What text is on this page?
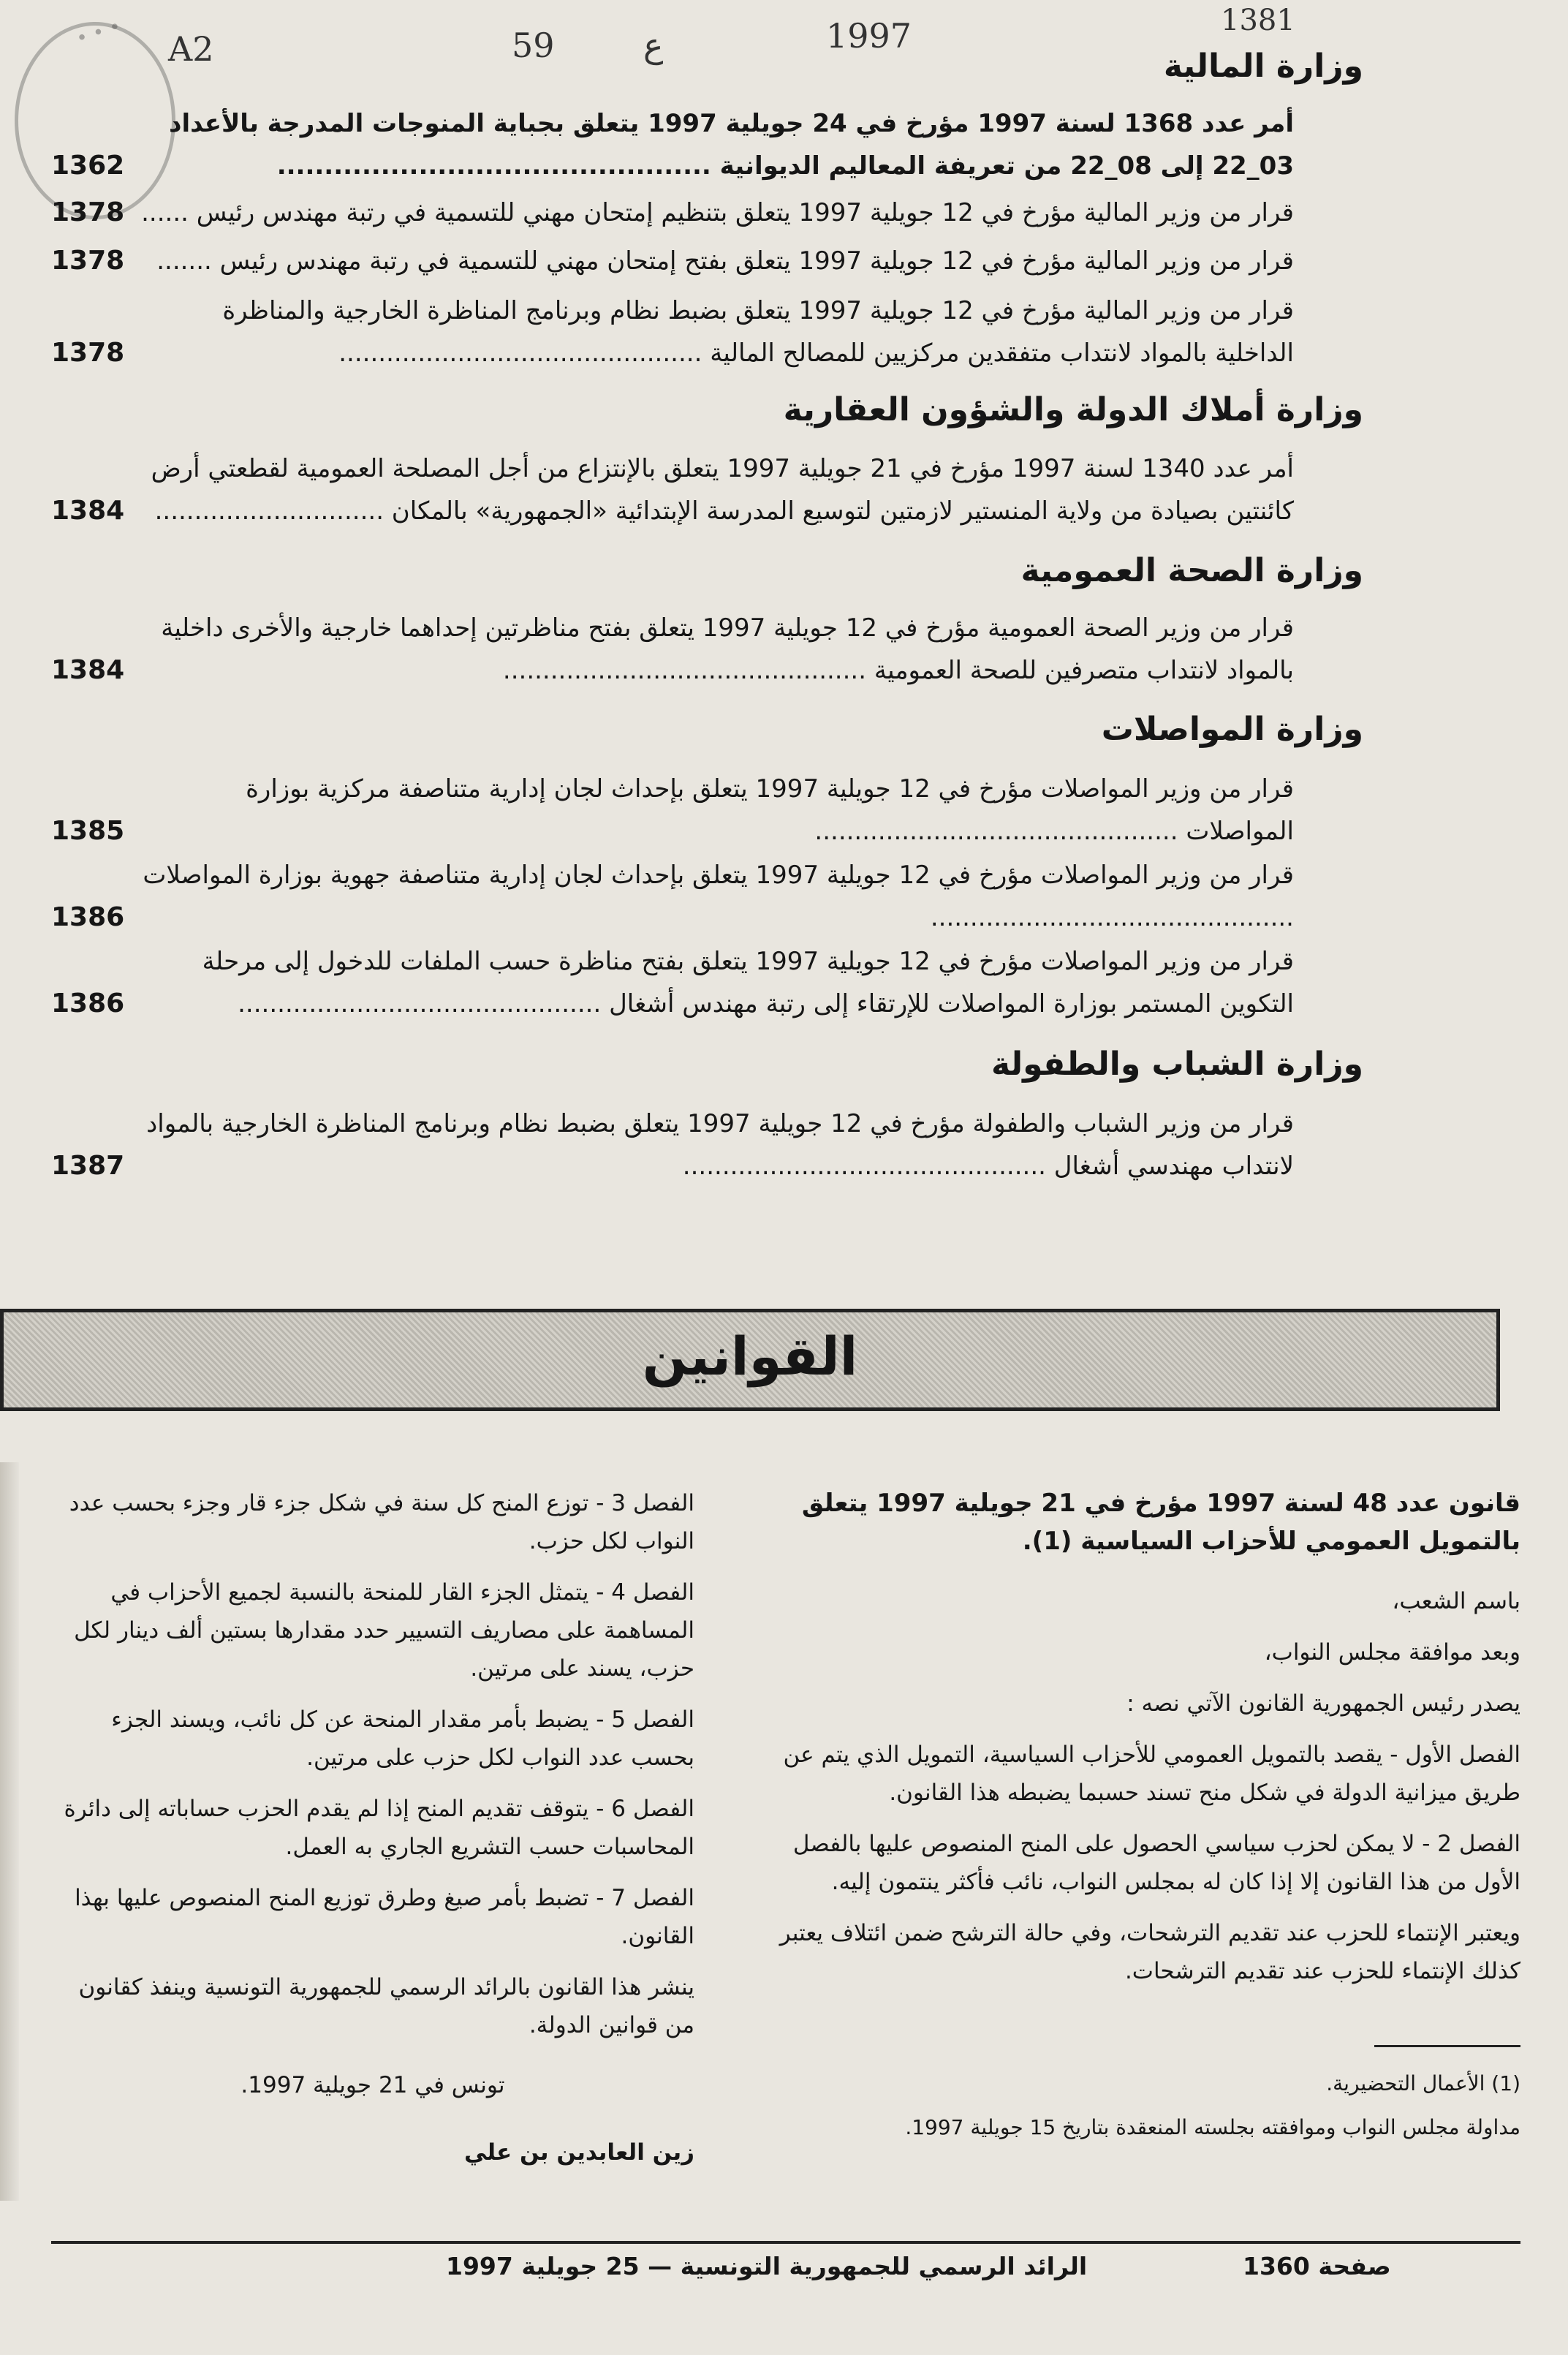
• • •	A2	59	ع	1997	1381
وزارة المالية
أمر عدد 1368 لسنة 1997 مؤرخ في 24 جويلية 1997 يتعلق بجباية المنوجات المدرجة بالأعداد 03_22 إلى 08_22 من تعريفة المعاليم الديوانية ..............................................
1362
قرار من وزير المالية مؤرخ في 12 جويلية 1997 يتعلق بتنظيم إمتحان مهني للتسمية في رتبة مهندس رئيس ......
1378
قرار من وزير المالية مؤرخ في 12 جويلية 1997 يتعلق بفتح إمتحان مهني للتسمية في رتبة مهندس رئيس .......
1378
قرار من وزير المالية مؤرخ في 12 جويلية 1997 يتعلق بضبط نظام وبرنامج المناظرة الخارجية والمناظرة الداخلية بالمواد لانتداب متفقدين مركزيين للمصالح المالية ..............................................
1378
وزارة أملاك الدولة والشؤون العقارية
أمر عدد 1340 لسنة 1997 مؤرخ في 21 جويلية 1997 يتعلق بالإنتزاع من أجل المصلحة العمومية لقطعتي أرض كائنتين بصيادة من ولاية المنستير لازمتين لتوسيع المدرسة الإبتدائية «الجمهورية» بالمكان .............................
1384
وزارة الصحة العمومية
قرار من وزير الصحة العمومية مؤرخ في 12 جويلية 1997 يتعلق بفتح مناظرتين إحداهما خارجية والأخرى داخلية بالمواد لانتداب متصرفين للصحة العمومية ..............................................
1384
وزارة المواصلات
قرار من وزير المواصلات مؤرخ في 12 جويلية 1997 يتعلق بإحداث لجان إدارية متناصفة مركزية بوزارة المواصلات ..............................................
1385
قرار من وزير المواصلات مؤرخ في 12 جويلية 1997 يتعلق بإحداث لجان إدارية متناصفة جهوية بوزارة المواصلات ..............................................
1386
قرار من وزير المواصلات مؤرخ في 12 جويلية 1997 يتعلق بفتح مناظرة حسب الملفات للدخول إلى مرحلة التكوين المستمر بوزارة المواصلات للإرتقاء إلى رتبة مهندس أشغال ..............................................
1386
وزارة الشباب والطفولة
قرار من وزير الشباب والطفولة مؤرخ في 12 جويلية 1997 يتعلق بضبط نظام وبرنامج المناظرة الخارجية بالمواد لانتداب مهندسي أشغال ..............................................
1387
القوانين

قانون عدد 48 لسنة 1997 مؤرخ في 21 جويلية 1997 يتعلق بالتمويل العمومي للأحزاب السياسية (1).

باسم الشعب،

وبعد موافقة مجلس النواب،

يصدر رئيس الجمهورية القانون الآتي نصه :

الفصل الأول - يقصد بالتمويل العمومي للأحزاب السياسية، التمويل الذي يتم عن طريق ميزانية الدولة في شكل منح تسند حسبما يضبطه هذا القانون.

الفصل 2 - لا يمكن لحزب سياسي الحصول على المنح المنصوص عليها بالفصل الأول من هذا القانون إلا إذا كان له بمجلس النواب، نائب فأكثر ينتمون إليه.

ويعتبر الإنتماء للحزب عند تقديم الترشحات، وفي حالة الترشح ضمن ائتلاف يعتبر كذلك الإنتماء للحزب عند تقديم الترشحات.

الفصل 3 - توزع المنح كل سنة في شكل جزء قار وجزء بحسب عدد النواب لكل حزب.

الفصل 4 - يتمثل الجزء القار للمنحة بالنسبة لجميع الأحزاب في المساهمة على مصاريف التسيير حدد مقدارها بستين ألف دينار لكل حزب، يسند على مرتين.

الفصل 5 - يضبط بأمر مقدار المنحة عن كل نائب، ويسند الجزء بحسب عدد النواب لكل حزب على مرتين.

الفصل 6 - يتوقف تقديم المنح إذا لم يقدم الحزب حساباته إلى دائرة المحاسبات حسب التشريع الجاري به العمل.

الفصل 7 - تضبط بأمر صيغ وطرق توزيع المنح المنصوص عليها بهذا القانون.

ينشر هذا القانون بالرائد الرسمي للجمهورية التونسية وينفذ كقانون من قوانين الدولة.

تونس في 21 جويلية 1997.

زين العابدين بن علي

(1) الأعمال التحضيرية.
مداولة مجلس النواب وموافقته بجلسته المنعقدة بتاريخ 15 جويلية 1997.
الرائد الرسمي للجمهورية التونسية — 25 جويلية 1997	صفحة 1360
